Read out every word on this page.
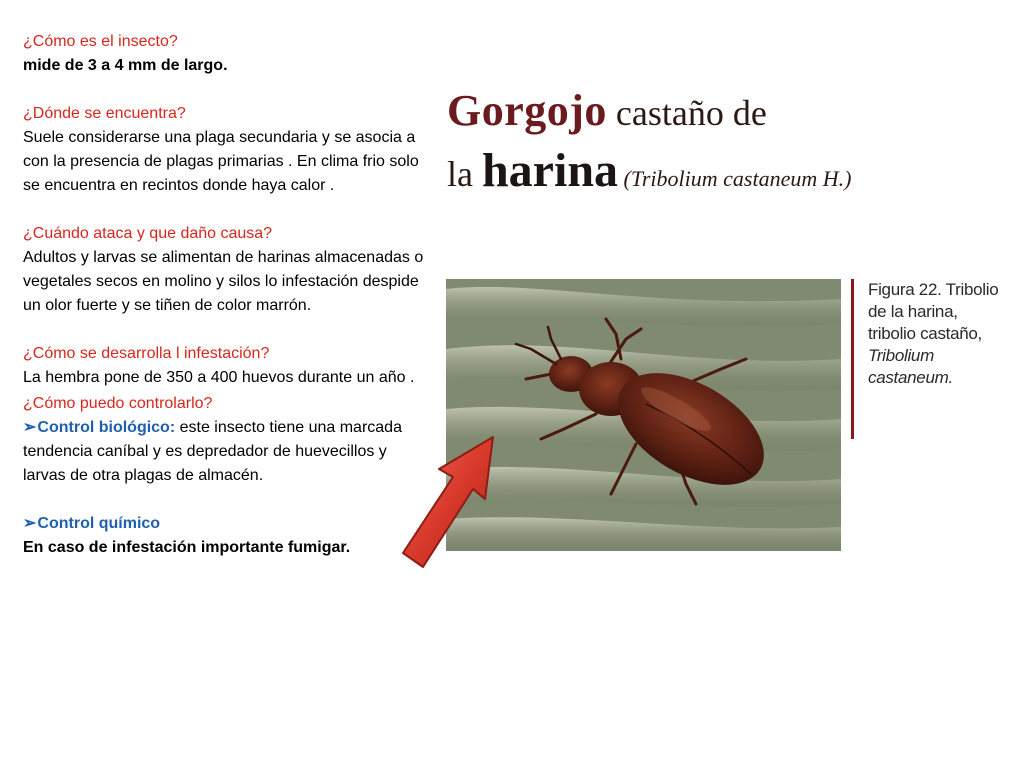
¿Cómo es el insecto?

mide de 3 a 4 mm de largo.

¿Dónde se encuentra?

Suele considerarse una plaga secundaria y se asocia a con la presencia de plagas primarias . En clima frio solo se encuentra en recintos donde haya calor .

¿Cuándo ataca y que daño causa?

Adultos y larvas se alimentan de harinas almacenadas o vegetales secos en molino y silos lo infestación despide un olor fuerte y se tiñen de color marrón.

¿Cómo se desarrolla l infestación?

La hembra pone de 350 a 400 huevos durante un año .

¿Cómo puedo controlarlo?

➢Control biológico: este insecto tiene una marcada tendencia caníbal y es depredador de huevecillos y larvas de otra plagas de almacén.

➢Control químico

En caso de infestación importante fumigar.

Gorgojo castaño de
la harina (Tribolium castaneum H.)
Figura 22. Tribolio
de la harina,
tribolio castaño,
Tribolium
castaneum.
